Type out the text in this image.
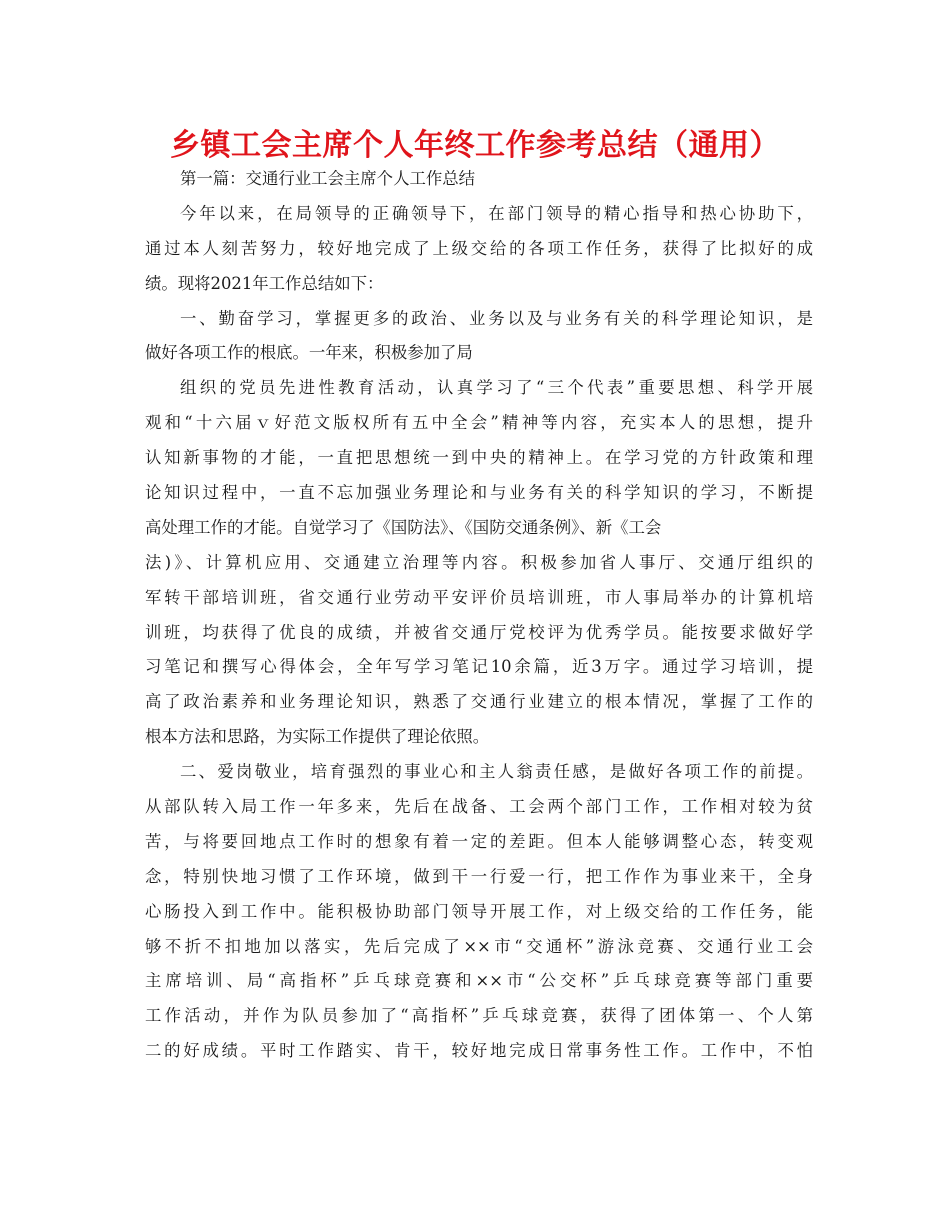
乡镇工会主席个人年终工作参考总结（通用）
第一篇：交通行业工会主席个人工作总结
今年以来，在局领导的正确领导下，在部门领导的精心指导和热心协助下，
通过本人刻苦努力，较好地完成了上级交给的各项工作任务，获得了比拟好的成
绩。现将2021年工作总结如下：
一、勤奋学习，掌握更多的政治、业务以及与业务有关的科学理论知识，是
做好各项工作的根底。一年来，积极参加了局
组织的党员先进性教育活动，认真学习了“三个代表”重要思想、科学开展
观和“十六届ｖ好范文版权所有五中全会”精神等内容，充实本人的思想，提升
认知新事物的才能，一直把思想统一到中央的精神上。在学习党的方针政策和理
论知识过程中，一直不忘加强业务理论和与业务有关的科学知识的学习，不断提
高处理工作的才能。自觉学习了《国防法》、《国防交通条例》、新《工会
法)》、计算机应用、交通建立治理等内容。积极参加省人事厅、交通厅组织的
军转干部培训班，省交通行业劳动平安评价员培训班，市人事局举办的计算机培
训班，均获得了优良的成绩，并被省交通厅党校评为优秀学员。能按要求做好学
习笔记和撰写心得体会，全年写学习笔记10余篇，近3万字。通过学习培训，提
高了政治素养和业务理论知识，熟悉了交通行业建立的根本情况，掌握了工作的
根本方法和思路，为实际工作提供了理论依照。
二、爱岗敬业，培育强烈的事业心和主人翁责任感，是做好各项工作的前提。
从部队转入局工作一年多来，先后在战备、工会两个部门工作，工作相对较为贫
苦，与将要回地点工作时的想象有着一定的差距。但本人能够调整心态，转变观
念，特别快地习惯了工作环境，做到干一行爱一行，把工作作为事业来干，全身
心肠投入到工作中。能积极协助部门领导开展工作，对上级交给的工作任务，能
够不折不扣地加以落实，先后完成了××市“交通杯”游泳竞赛、交通行业工会
主席培训、局“高指杯”乒乓球竞赛和××市“公交杯”乒乓球竞赛等部门重要
工作活动，并作为队员参加了“高指杯”乒乓球竞赛，获得了团体第一、个人第
二的好成绩。平时工作踏实、肯干，较好地完成日常事务性工作。工作中，不怕
